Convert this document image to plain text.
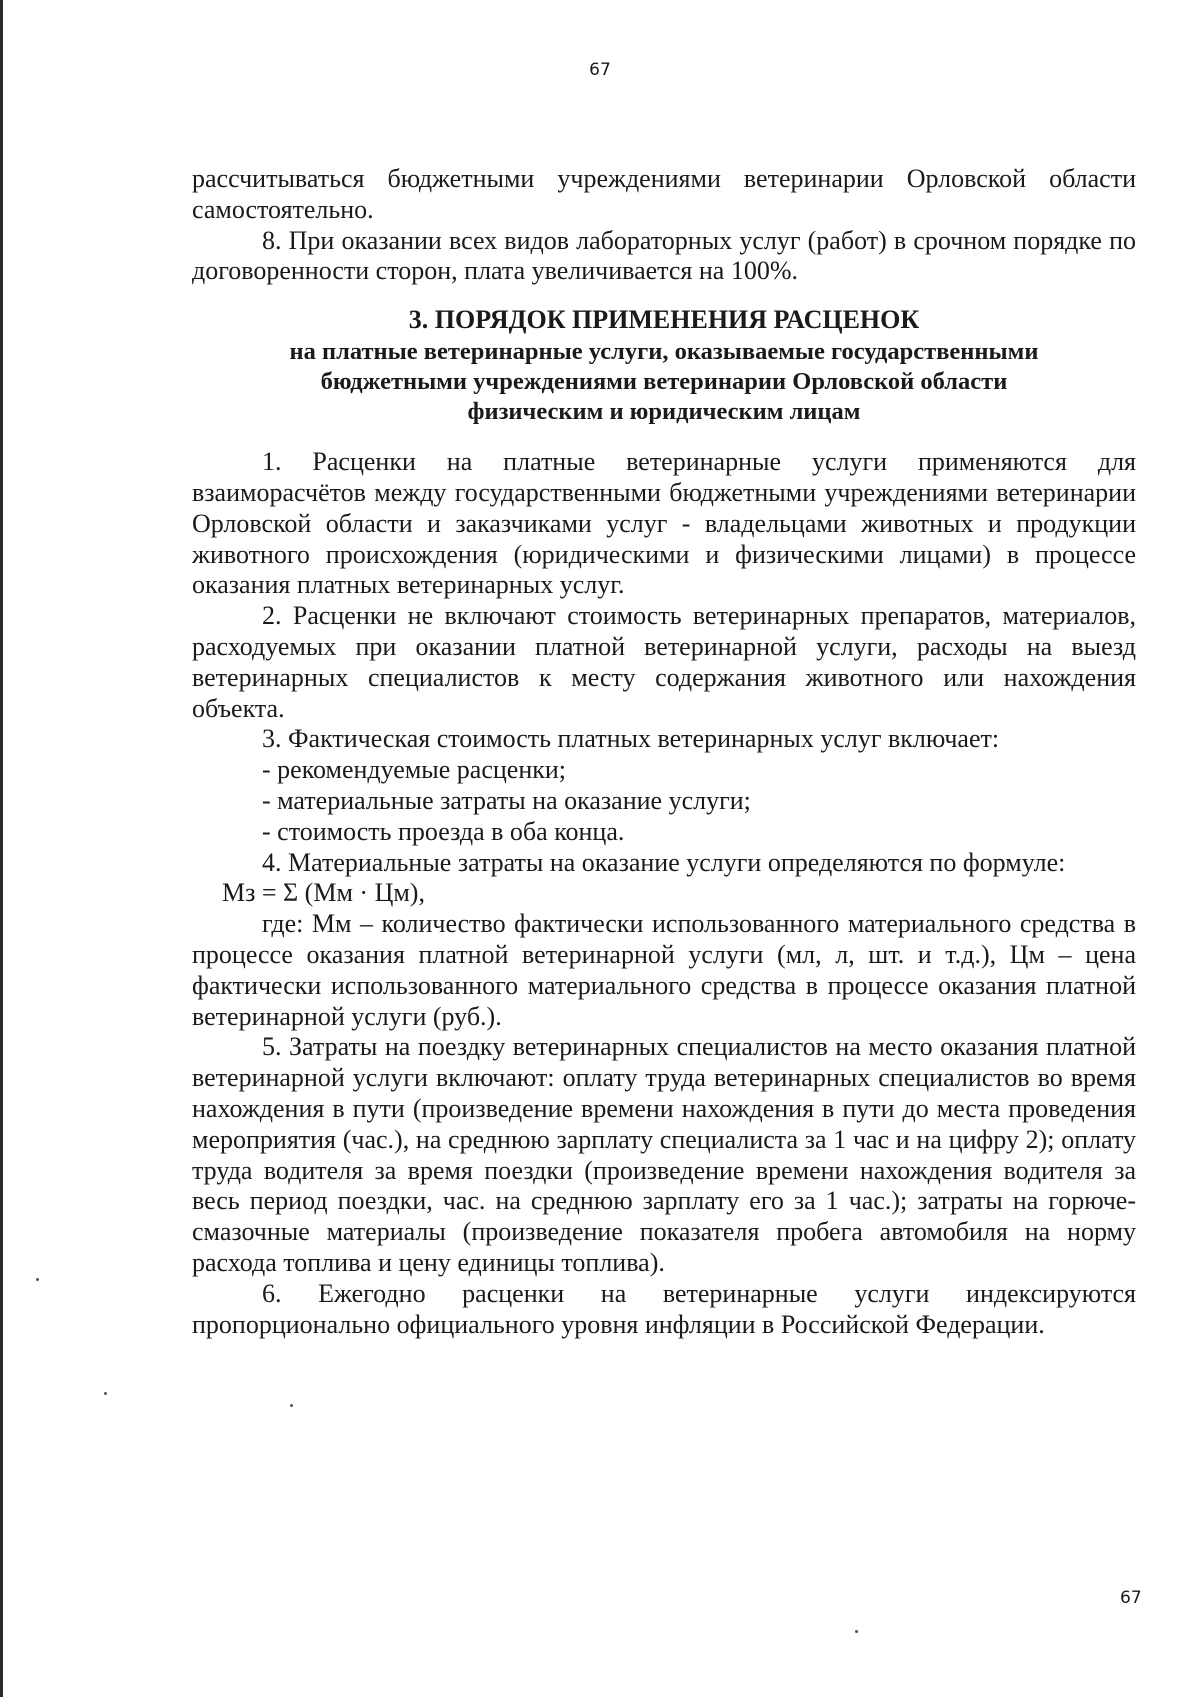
67

рассчитываться бюджетными учреждениями ветеринарии Орловской области самостоятельно.

8. При оказании всех видов лабораторных услуг (работ) в срочном порядке по договоренности сторон, плата увеличивается на 100%.

3. ПОРЯДОК ПРИМЕНЕНИЯ РАСЦЕНОК
на платные ветеринарные услуги, оказываемые государственными
бюджетными учреждениями ветеринарии Орловской области
физическим и юридическим лицам

1. Расценки на платные ветеринарные услуги применяются для взаиморасчётов между государственными бюджетными учреждениями ветеринарии Орловской области и заказчиками услуг - владельцами животных и продукции животного происхождения (юридическими и физическими лицами) в процессе оказания платных ветеринарных услуг.

2. Расценки не включают стоимость ветеринарных препаратов, материалов, расходуемых при оказании платной ветеринарной услуги, расходы на выезд ветеринарных специалистов к месту содержания животного или нахождения объекта.

3. Фактическая стоимость платных ветеринарных услуг включает:

- рекомендуемые расценки;

- материальные затраты на оказание услуги;

- стоимость проезда в оба конца.

4. Материальные затраты на оказание услуги определяются по формуле:

Мз = Σ (Мм · Цм),

где: Мм – количество фактически использованного материального средства в процессе оказания платной ветеринарной услуги (мл, л, шт. и т.д.), Цм – цена фактически использованного материального средства в процессе оказания платной ветеринарной услуги (руб.).

5. Затраты на поездку ветеринарных специалистов на место оказания платной ветеринарной услуги включают: оплату труда ветеринарных специалистов во время нахождения в пути (произведение времени нахождения в пути до места проведения мероприятия (час.), на среднюю зарплату специалиста за 1 час и на цифру 2); оплату труда водителя за время поездки (произведение времени нахождения водителя за весь период поездки, час. на среднюю зарплату его за 1 час.); затраты на горюче-смазочные материалы (произведение показателя пробега автомобиля на норму расхода топлива и цену единицы топлива).

6. Ежегодно расценки на ветеринарные услуги индексируются пропорционально официального уровня инфляции в Российской Федерации.

67
